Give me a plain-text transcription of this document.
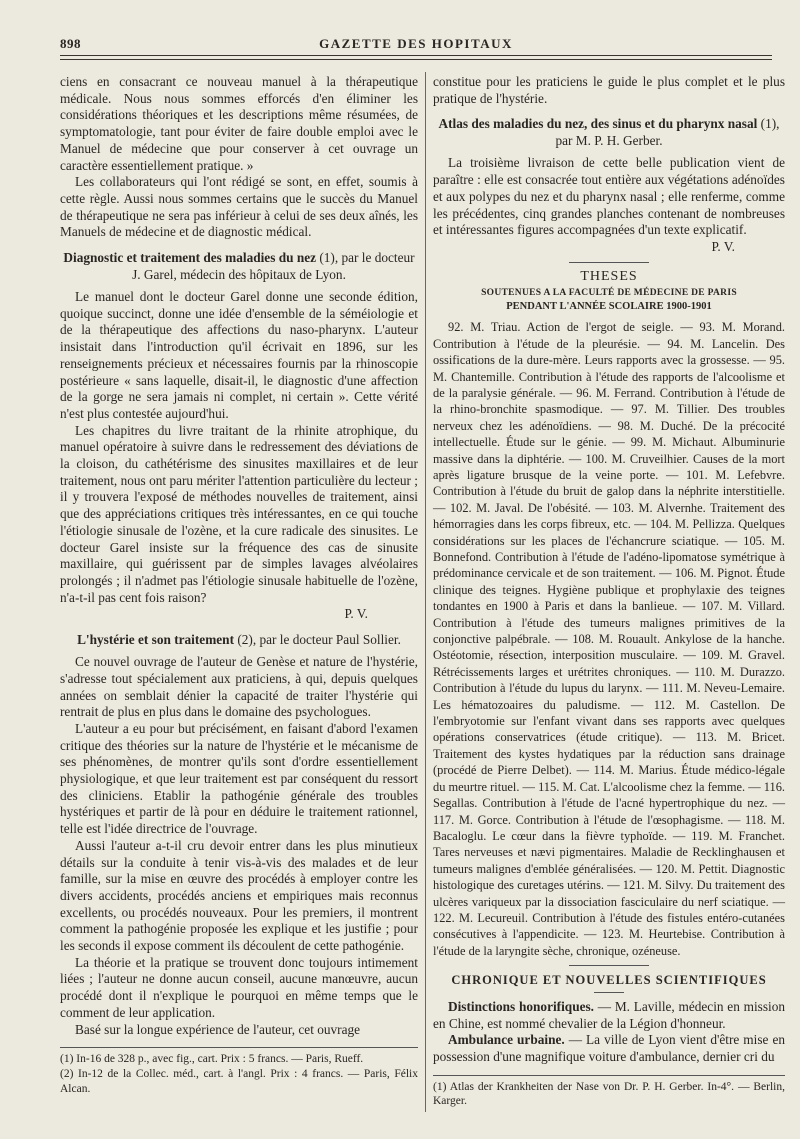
898	GAZETTE DES HOPITAUX

ciens en consacrant ce nouveau manuel à la thérapeutique médicale. Nous nous sommes efforcés d'en éliminer les considérations théoriques et les descriptions même résumées, de symptomatologie, tant pour éviter de faire double emploi avec le Manuel de médecine que pour conserver à cet ouvrage un caractère essentiellement pratique. »

Les collaborateurs qui l'ont rédigé se sont, en effet, soumis à cette règle. Aussi nous sommes certains que le succès du Manuel de thérapeutique ne sera pas inférieur à celui de ses deux aînés, les Manuels de médecine et de diagnostic médical.

Diagnostic et traitement des maladies du nez (1), par le docteur J. Garel, médecin des hôpitaux de Lyon.

Le manuel dont le docteur Garel donne une seconde édition, quoique succinct, donne une idée d'ensemble de la séméiologie et de la thérapeutique des affections du naso-pharynx. L'auteur insistait dans l'introduction qu'il écrivait en 1896, sur les renseignements précieux et nécessaires fournis par la rhinoscopie postérieure « sans laquelle, disait-il, le diagnostic d'une affection de la gorge ne sera jamais ni complet, ni certain ». Cette vérité n'est plus contestée aujourd'hui.

Les chapitres du livre traitant de la rhinite atrophique, du manuel opératoire à suivre dans le redressement des déviations de la cloison, du cathétérisme des sinusites maxillaires et de leur traitement, nous ont paru mériter l'attention particulière du lecteur ; il y trouvera l'exposé de méthodes nouvelles de traitement, ainsi que des appréciations critiques très intéressantes, en ce qui touche l'étiologie sinusale de l'ozène, et la cure radicale des sinusites. Le docteur Garel insiste sur la fréquence des cas de sinusite maxillaire, qui guérissent par de simples lavages alvéolaires prolongés ; il n'admet pas l'étiologie sinusale habituelle de l'ozène, n'a-t-il pas cent fois raison?

P. V.
L'hystérie et son traitement (2), par le docteur Paul Sollier.

Ce nouvel ouvrage de l'auteur de Genèse et nature de l'hystérie, s'adresse tout spécialement aux praticiens, à qui, depuis quelques années on semblait dénier la capacité de traiter l'hystérie qui rentrait de plus en plus dans le domaine des psychologues.

L'auteur a eu pour but précisément, en faisant d'abord l'examen critique des théories sur la nature de l'hystérie et le mécanisme de ses phénomènes, de montrer qu'ils sont d'ordre essentiellement physiologique, et que leur traitement est par conséquent du ressort des cliniciens. Etablir la pathogénie générale des troubles hystériques et partir de là pour en déduire le traitement rationnel, telle est l'idée directrice de l'ouvrage.

Aussi l'auteur a-t-il cru devoir entrer dans les plus minutieux détails sur la conduite à tenir vis-à-vis des malades et de leur famille, sur la mise en œuvre des procédés à employer contre les divers accidents, procédés anciens et empiriques mais reconnus excellents, ou procédés nouveaux. Pour les premiers, il montrent comment la pathogénie proposée les explique et les justifie ; pour les seconds il expose comment ils découlent de cette pathogénie.

La théorie et la pratique se trouvent donc toujours intimement liées ; l'auteur ne donne aucun conseil, aucune manœuvre, aucun procédé dont il n'explique le pourquoi en même temps que le comment de leur application.

Basé sur la longue expérience de l'auteur, cet ouvrage

(1) In-16 de 328 p., avec fig., cart. Prix : 5 francs. — Paris, Rueff.

(2) In-12 de la Collec. méd., cart. à l'angl. Prix : 4 francs. — Paris, Félix Alcan.

constitue pour les praticiens le guide le plus complet et le plus pratique de l'hystérie.

Atlas des maladies du nez, des sinus et du pharynx nasal (1), par M. P. H. Gerber.

La troisième livraison de cette belle publication vient de paraître : elle est consacrée tout entière aux végétations adénoïdes et aux polypes du nez et du pharynx nasal ; elle renferme, comme les précédentes, cinq grandes planches contenant de nombreuses et intéressantes figures accompagnées d'un texte explicatif.

P. V.
THESES
SOUTENUES A LA FACULTÉ DE MÉDECINE DE PARIS
PENDANT L'ANNÉE SCOLAIRE 1900-1901

92. M. Triau. Action de l'ergot de seigle. — 93. M. Morand. Contribution à l'étude de la pleurésie. — 94. M. Lancelin. Des ossifications de la dure-mère. Leurs rapports avec la grossesse. — 95. M. Chantemille. Contribution à l'étude des rapports de l'alcoolisme et de la paralysie générale. — 96. M. Ferrand. Contribution à l'étude de la rhino-bronchite spasmodique. — 97. M. Tillier. Des troubles nerveux chez les adénoïdiens. — 98. M. Duché. De la précocité intellectuelle. Étude sur le génie. — 99. M. Michaut. Albuminurie massive dans la diphtérie. — 100. M. Cruveilhier. Causes de la mort après ligature brusque de la veine porte. — 101. M. Lefebvre. Contribution à l'étude du bruit de galop dans la néphrite interstitielle. — 102. M. Javal. De l'obésité. — 103. M. Alvernhe. Traitement des hémorragies dans les corps fibreux, etc. — 104. M. Pellizza. Quelques considérations sur les places de l'échancrure sciatique. — 105. M. Bonnefond. Contribution à l'étude de l'adéno-lipomatose symétrique à prédominance cervicale et de son traitement. — 106. M. Pignot. Étude clinique des teignes. Hygiène publique et prophylaxie des teignes tondantes en 1900 à Paris et dans la banlieue. — 107. M. Villard. Contribution à l'étude des tumeurs malignes primitives de la conjonctive palpébrale. — 108. M. Rouault. Ankylose de la hanche. Ostéotomie, résection, interposition musculaire. — 109. M. Gravel. Rétrécissements larges et urétrites chroniques. — 110. M. Durazzo. Contribution à l'étude du lupus du larynx. — 111. M. Neveu-Lemaire. Les hématozoaires du paludisme. — 112. M. Castellon. De l'embryotomie sur l'enfant vivant dans ses rapports avec quelques opérations conservatrices (étude critique). — 113. M. Bricet. Traitement des kystes hydatiques par la réduction sans drainage (procédé de Pierre Delbet). — 114. M. Marius. Étude médico-légale du meurtre rituel. — 115. M. Cat. L'alcoolisme chez la femme. — 116. Segallas. Contribution à l'étude de l'acné hypertrophique du nez. — 117. M. Gorce. Contribution à l'étude de l'œsophagisme. — 118. M. Bacaloglu. Le cœur dans la fièvre typhoïde. — 119. M. Franchet. Tares nerveuses et nævi pigmentaires. Maladie de Recklinghausen et tumeurs malignes d'emblée généralisées. — 120. M. Pettit. Diagnostic histologique des curetages utérins. — 121. M. Silvy. Du traitement des ulcères variqueux par la dissociation fasciculaire du nerf sciatique. — 122. M. Lecureuil. Contribution à l'étude des fistules entéro-cutanées consécutives à l'appendicite. — 123. M. Heurtebise. Contribution à l'étude de la laryngite sèche, chronique, ozéneuse.

CHRONIQUE ET NOUVELLES SCIENTIFIQUES

Distinctions honorifiques. — M. Laville, médecin en mission en Chine, est nommé chevalier de la Légion d'honneur.

Ambulance urbaine. — La ville de Lyon vient d'être mise en possession d'une magnifique voiture d'ambulance, dernier cri du

(1) Atlas der Krankheiten der Nase von Dr. P. H. Gerber. In-4°. — Berlin, Karger.
